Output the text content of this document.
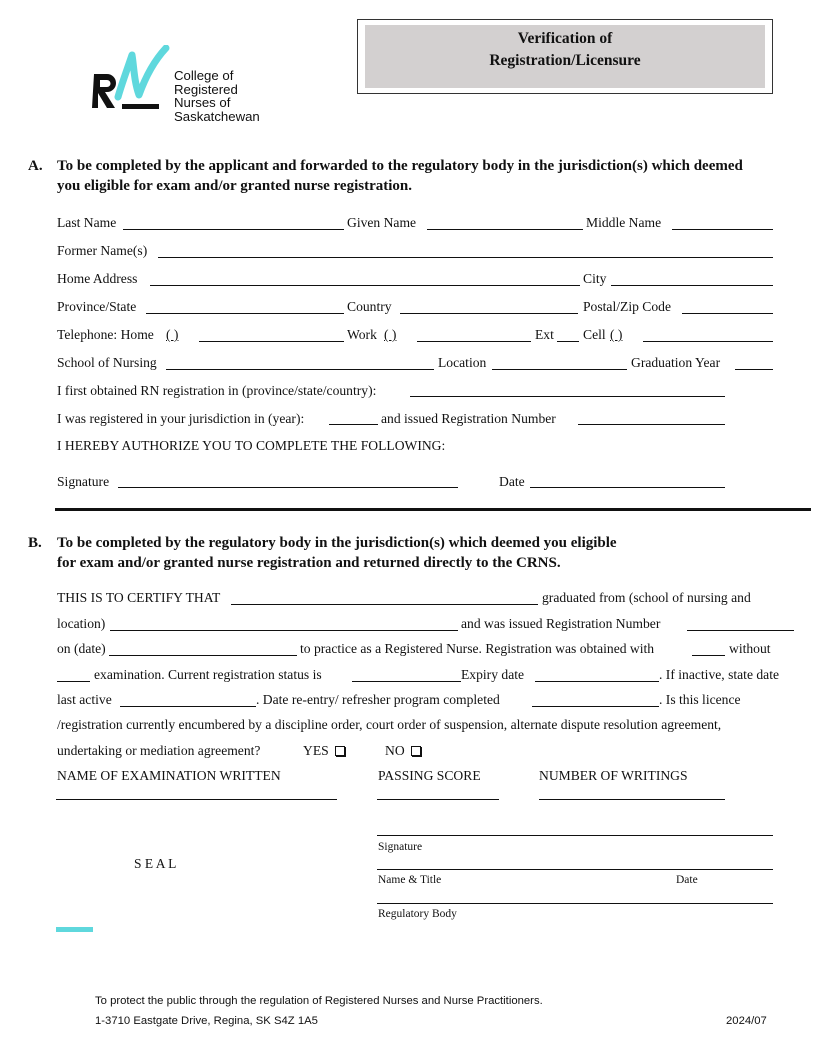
College of
Registered
Nurses of
Saskatchewan
Verification of
Registration/Licensure
A. To be completed by the applicant and forwarded to the regulatory body in the jurisdiction(s) which deemed
you eligible for exam and/or granted nurse registration.
Last Name	Given Name	Middle Name
Former Name(s)
Home Address	City
Province/State	Country	Postal/Zip Code
Telephone: Home ( )	Work ( )	Ext Cell ( )
School of Nursing	Location	Graduation Year
I first obtained RN registration in (province/state/country):
I was registered in your jurisdiction in (year):	and issued Registration Number
I HEREBY AUTHORIZE YOU TO COMPLETE THE FOLLOWING:
Signature	Date
B. To be completed by the regulatory body in the jurisdiction(s) which deemed you eligible
for exam and/or granted nurse registration and returned directly to the CRNS.
THIS IS TO CERTIFY THAT	graduated from (school of nursing and
location)	and was issued Registration Number
on (date)	to practice as a Registered Nurse. Registration was obtained with	without
examination. Current registration status is	Expiry date	. If inactive, state date
last active	. Date re-entry/ refresher program completed	. Is this licence
/registration currently encumbered by a discipline order, court order of suspension, alternate dispute resolution agreement,
undertaking or mediation agreement?	YES	NO
NAME OF EXAMINATION WRITTEN	PASSING SCORE	NUMBER OF WRITINGS
S E A L
Signature
Name & Title	Date
Regulatory Body
To protect the public through the regulation of Registered Nurses and Nurse Practitioners.
1-3710 Eastgate Drive, Regina, SK S4Z 1A5	2024/07
